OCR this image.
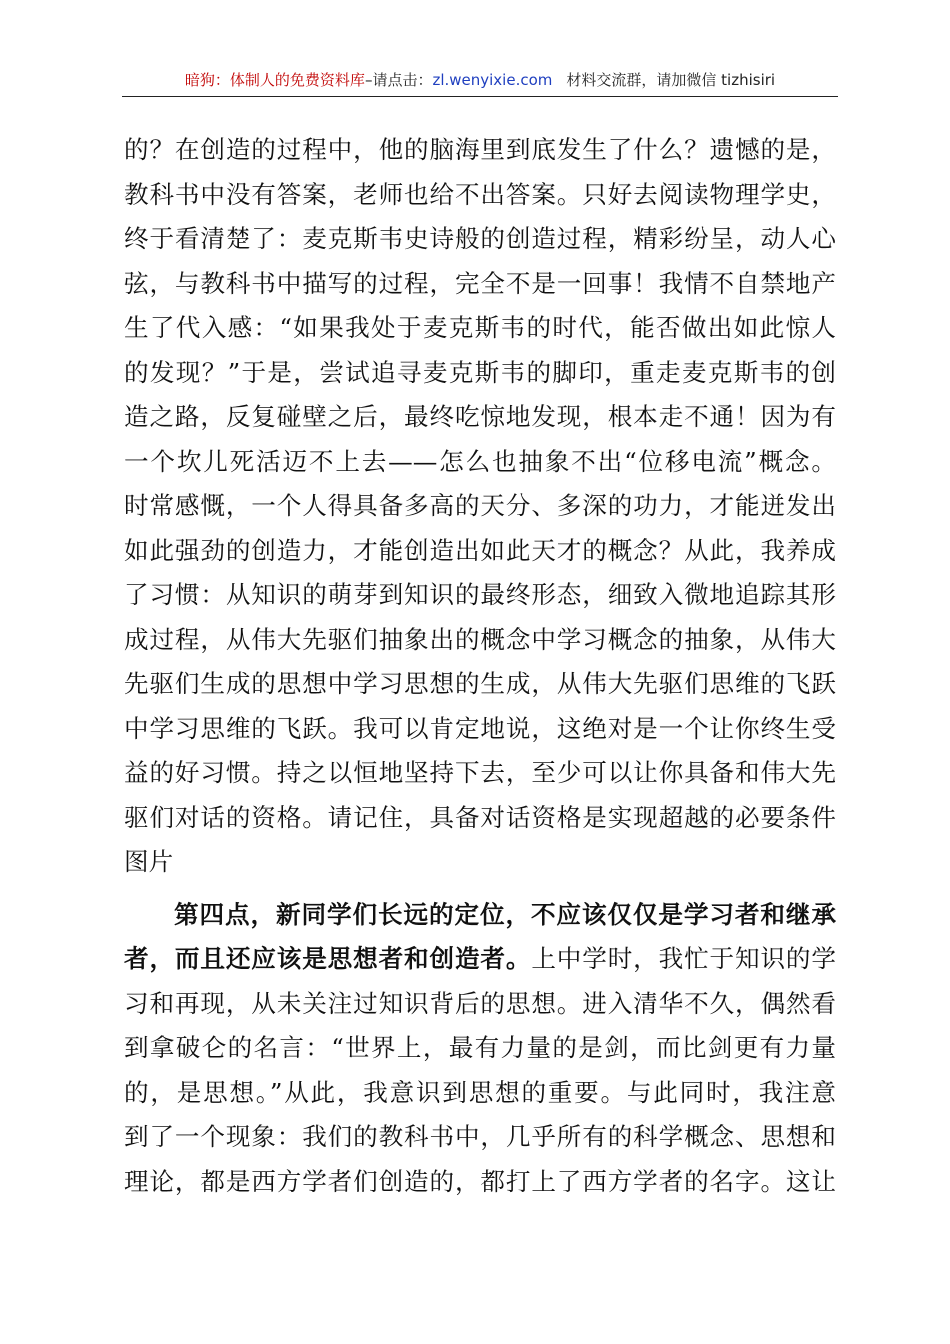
暗狗：体制人的免费资料库–请点击：zl.wenyixie.com 材料交流群，请加微信 tizhisiri
的？在创造的过程中，他的脑海里到底发生了什么？遗憾的是，
教科书中没有答案，老师也给不出答案。只好去阅读物理学史，
终于看清楚了：麦克斯韦史诗般的创造过程，精彩纷呈，动人心
弦，与教科书中描写的过程，完全不是一回事！我情不自禁地产
生了代入感：“如果我处于麦克斯韦的时代，能否做出如此惊人
的发现？”于是，尝试追寻麦克斯韦的脚印，重走麦克斯韦的创
造之路，反复碰壁之后，最终吃惊地发现，根本走不通！因为有
一个坎儿死活迈不上去——怎么也抽象不出“位移电流”概念。
时常感慨，一个人得具备多高的天分、多深的功力，才能迸发出
如此强劲的创造力，才能创造出如此天才的概念？从此，我养成
了习惯：从知识的萌芽到知识的最终形态，细致入微地追踪其形
成过程，从伟大先驱们抽象出的概念中学习概念的抽象，从伟大
先驱们生成的思想中学习思想的生成，从伟大先驱们思维的飞跃
中学习思维的飞跃。我可以肯定地说，这绝对是一个让你终生受
益的好习惯。持之以恒地坚持下去，至少可以让你具备和伟大先
驱们对话的资格。请记住，具备对话资格是实现超越的必要条件
图片
第四点，新同学们长远的定位，不应该仅仅是学习者和继承
者，而且还应该是思想者和创造者。上中学时，我忙于知识的学
习和再现，从未关注过知识背后的思想。进入清华不久，偶然看
到拿破仑的名言：“世界上，最有力量的是剑，而比剑更有力量
的，是思想。”从此，我意识到思想的重要。与此同时，我注意
到了一个现象：我们的教科书中，几乎所有的科学概念、思想和
理论，都是西方学者们创造的，都打上了西方学者的名字。这让
